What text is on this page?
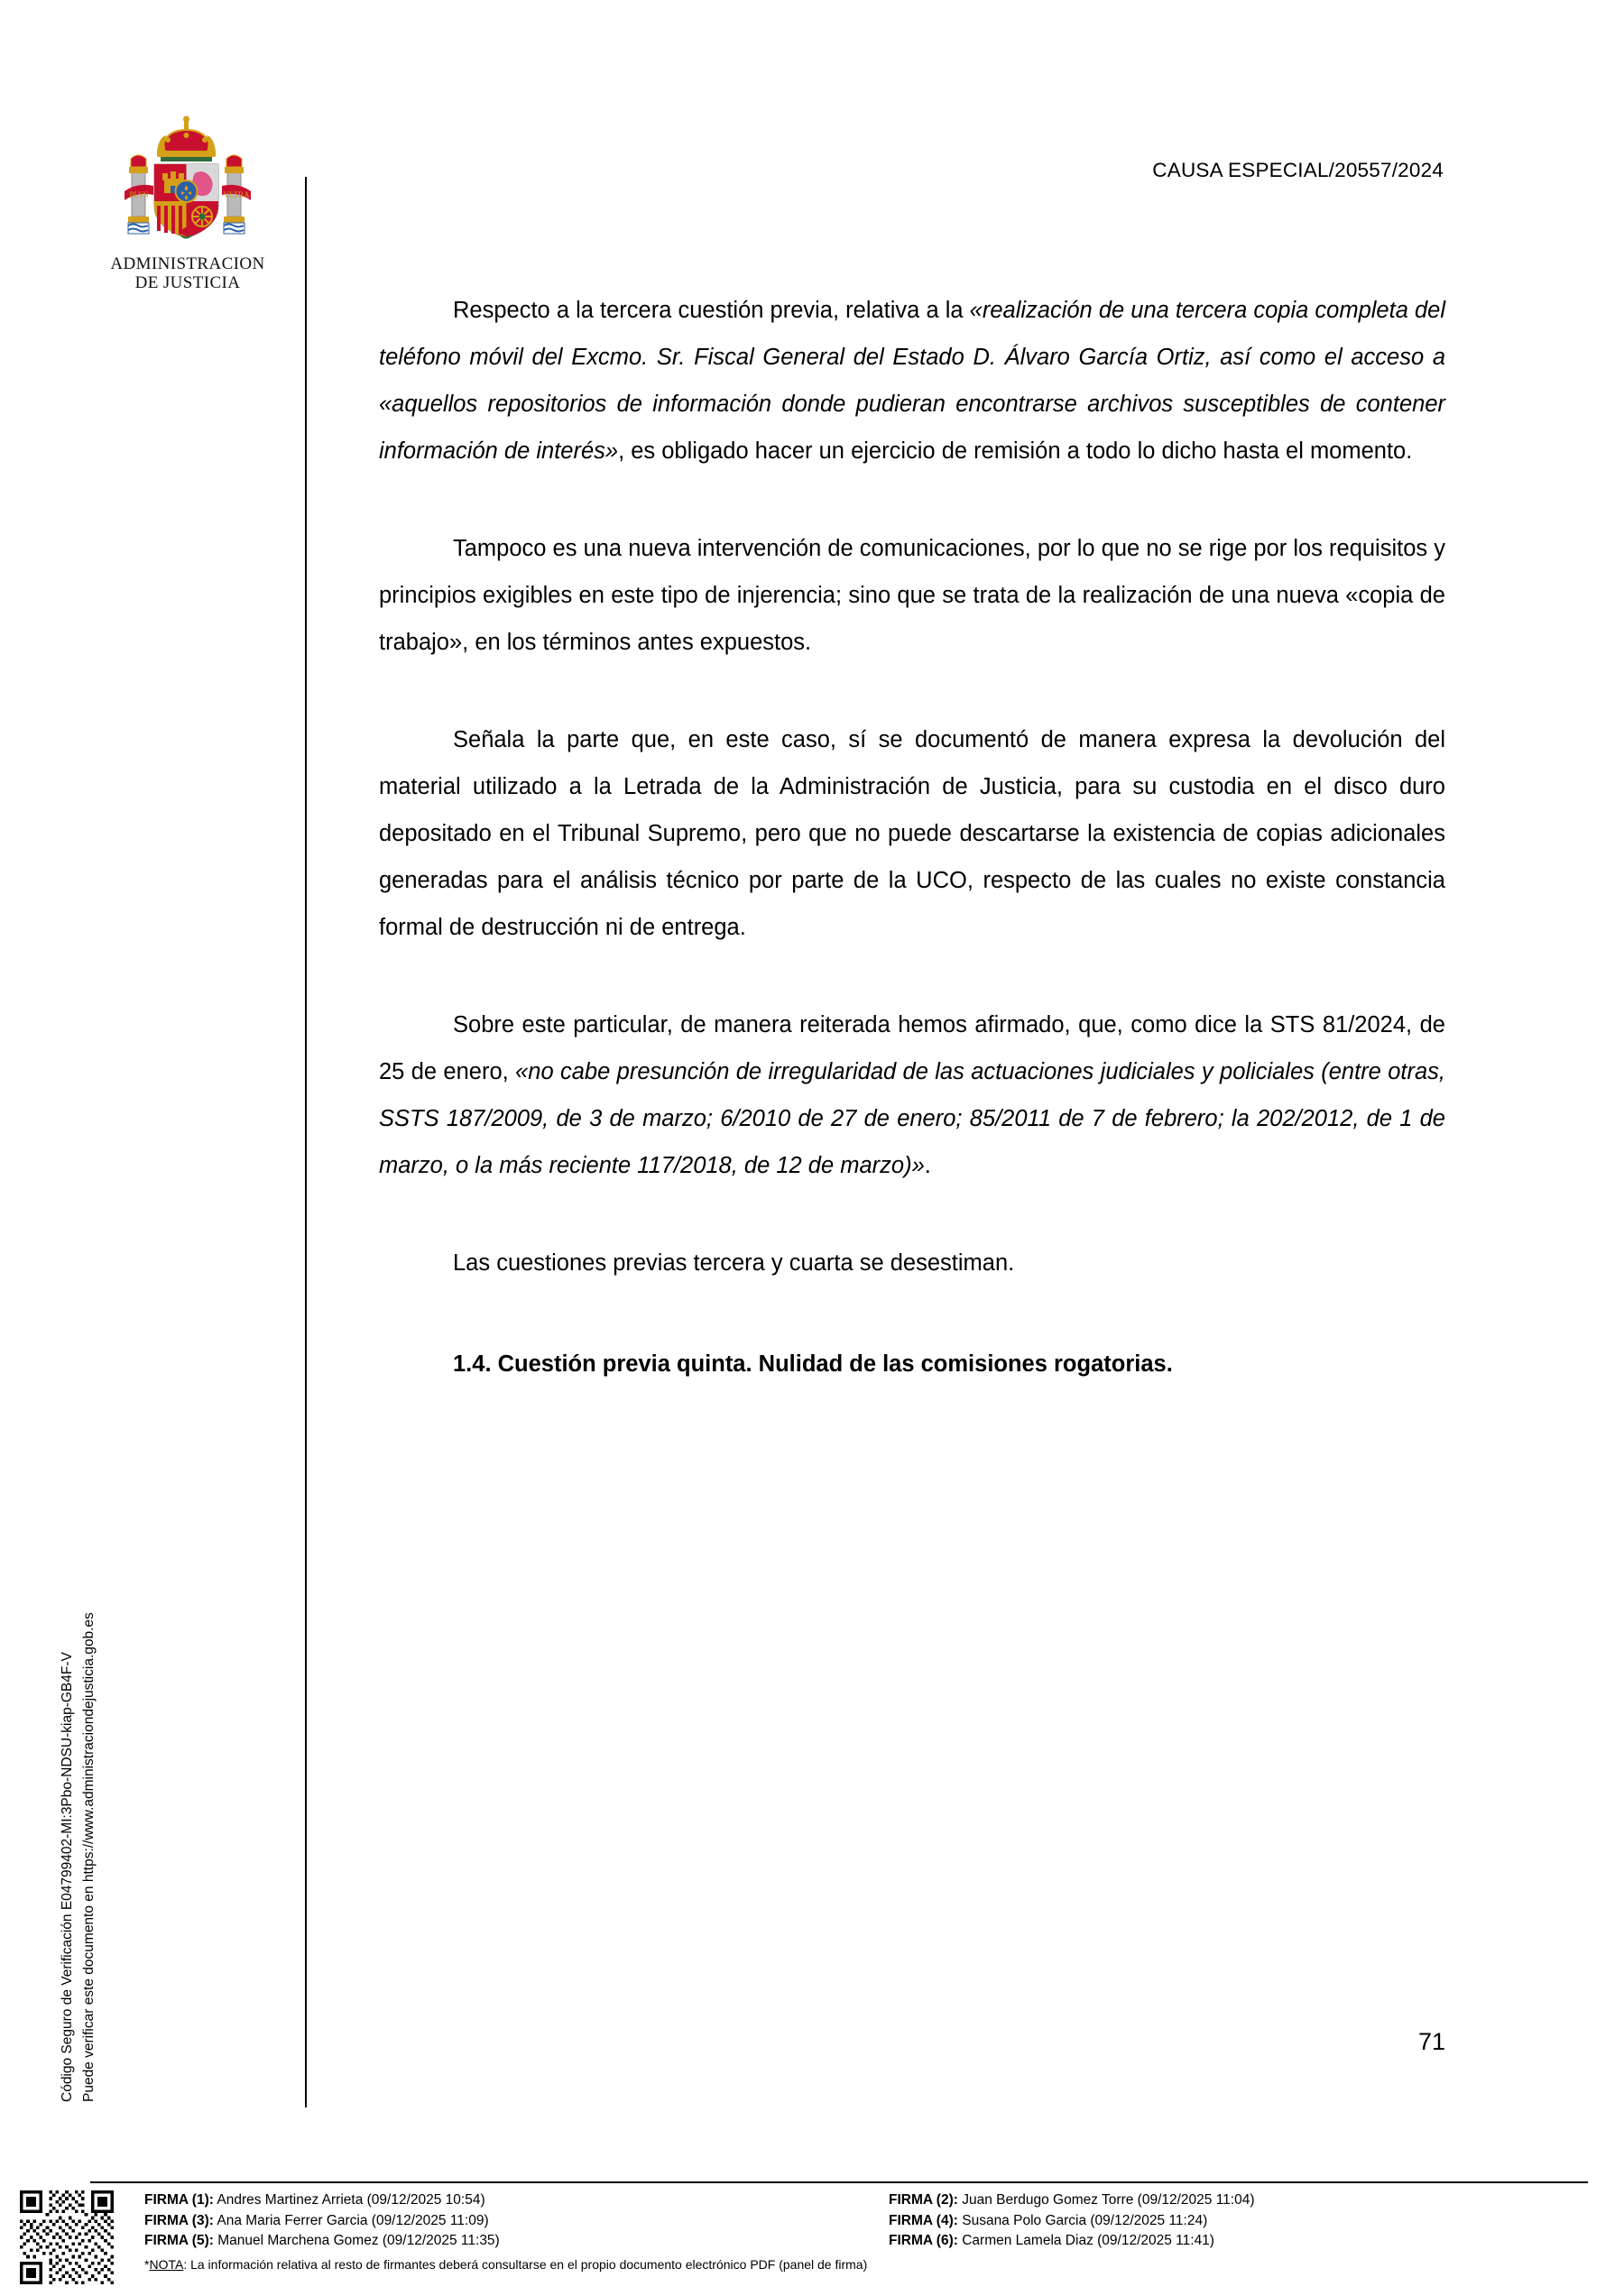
Código Seguro de Verificación E04799402-MI:3Pbo-NDSU-kiap-GB4F-V Puede verificar este documento en https://www.administraciondejusticia.gob.es
PLVS	VLTRA
ADMINISTRACION
DE JUSTICIA
CAUSA ESPECIAL/20557/2024

Respecto a la tercera cuestión previa, relativa a la «realización de una tercera copia completa del teléfono móvil del Excmo. Sr. Fiscal General del Estado D. Álvaro García Ortiz, así como el acceso a «aquellos repositorios de información donde pudieran encontrarse archivos susceptibles de contener información de interés», es obligado hacer un ejercicio de remisión a todo lo dicho hasta el momento.

Tampoco es una nueva intervención de comunicaciones, por lo que no se rige por los requisitos y principios exigibles en este tipo de injerencia; sino que se trata de la realización de una nueva «copia de trabajo», en los términos antes expuestos.

Señala la parte que, en este caso, sí se documentó de manera expresa la devolución del material utilizado a la Letrada de la Administración de Justicia, para su custodia en el disco duro depositado en el Tribunal Supremo, pero que no puede descartarse la existencia de copias adicionales generadas para el análisis técnico por parte de la UCO, respecto de las cuales no existe constancia formal de destrucción ni de entrega.

Sobre este particular, de manera reiterada hemos afirmado, que, como dice la STS 81/2024, de 25 de enero, «no cabe presunción de irregularidad de las actuaciones judiciales y policiales (entre otras, SSTS 187/2009, de 3 de marzo; 6/2010 de 27 de enero; 85/2011 de 7 de febrero; la 202/2012, de 1 de marzo, o la más reciente 117/2018, de 12 de marzo)».

Las cuestiones previas tercera y cuarta se desestiman.

1.4. Cuestión previa quinta. Nulidad de las comisiones rogatorias.

71
FIRMA (1): Andres Martinez Arrieta (09/12/2025 10:54)
FIRMA (3): Ana Maria Ferrer Garcia (09/12/2025 11:09)
FIRMA (5): Manuel Marchena Gomez (09/12/2025 11:35)
FIRMA (2): Juan Berdugo Gomez Torre (09/12/2025 11:04)
FIRMA (4): Susana Polo Garcia (09/12/2025 11:24)
FIRMA (6): Carmen Lamela Diaz (09/12/2025 11:41)
*NOTA: La información relativa al resto de firmantes deberá consultarse en el propio documento electrónico PDF (panel de firma)
